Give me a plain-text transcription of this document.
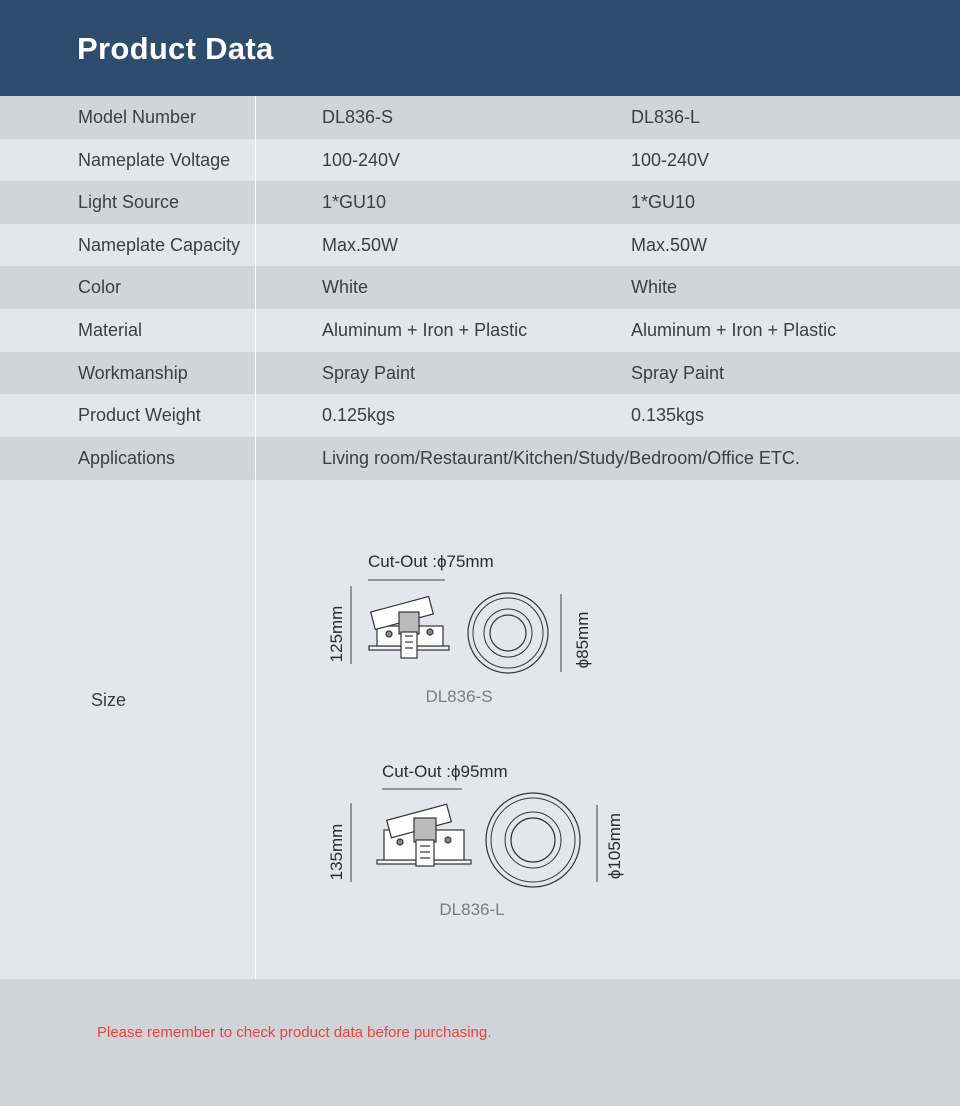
Product Data
Model Number	DL836-S	DL836-L
Nameplate Voltage	100-240V	100-240V
Light Source	1*GU10	1*GU10
Nameplate Capacity	Max.50W	Max.50W
Color	White	White
Material	Aluminum + Iron + Plastic	Aluminum + Iron + Plastic
Workmanship	Spray Paint	Spray Paint
Product Weight	0.125kgs	0.135kgs
Applications	Living room/Restaurant/Kitchen/Study/Bedroom/Office ETC.
Size
Cut-Out :ϕ75mm
125mm	ϕ85mm
DL836-S
Cut-Out :ϕ95mm
135mm	ϕ105mm
DL836-L
Please remember to check product data before purchasing.
